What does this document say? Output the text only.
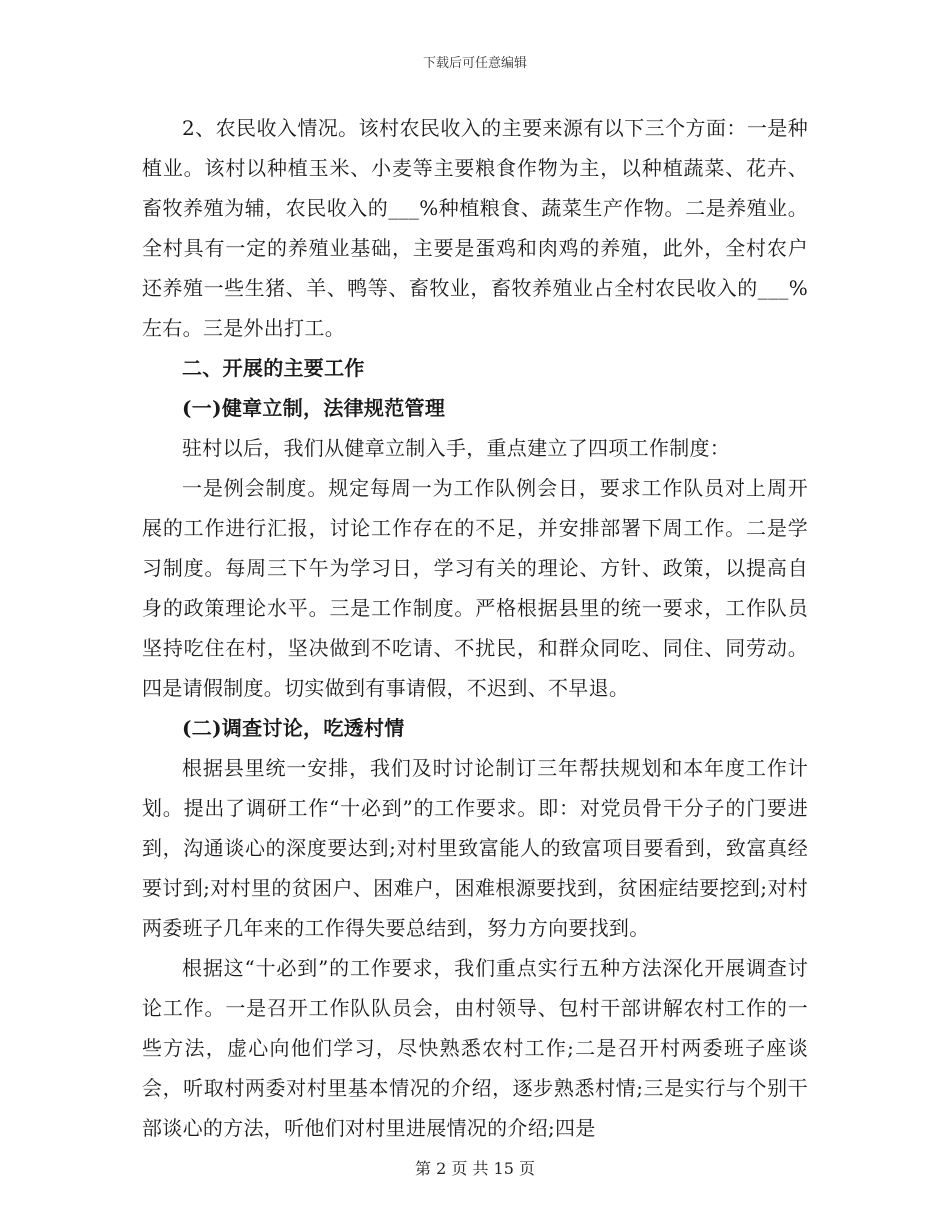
下载后可任意编辑

2、农民收入情况。该村农民收入的主要来源有以下三个方面：一是种植业。该村以种植玉米、小麦等主要粮食作物为主，以种植蔬菜、花卉、畜牧养殖为辅，农民收入的___%种植粮食、蔬菜生产作物。二是养殖业。全村具有一定的养殖业基础，主要是蛋鸡和肉鸡的养殖，此外，全村农户还养殖一些生猪、羊、鸭等、畜牧业，畜牧养殖业占全村农民收入的___%左右。三是外出打工。

二、开展的主要工作

(一)健章立制，法律规范管理

驻村以后，我们从健章立制入手，重点建立了四项工作制度：

一是例会制度。规定每周一为工作队例会日，要求工作队员对上周开展的工作进行汇报，讨论工作存在的不足，并安排部署下周工作。二是学习制度。每周三下午为学习日，学习有关的理论、方针、政策，以提高自身的政策理论水平。三是工作制度。严格根据县里的统一要求，工作队员坚持吃住在村，坚决做到不吃请、不扰民，和群众同吃、同住、同劳动。四是请假制度。切实做到有事请假，不迟到、不早退。

(二)调查讨论，吃透村情

根据县里统一安排，我们及时讨论制订三年帮扶规划和本年度工作计划。提出了调研工作“十必到”的工作要求。即：对党员骨干分子的门要进到，沟通谈心的深度要达到;对村里致富能人的致富项目要看到，致富真经要讨到;对村里的贫困户、困难户，困难根源要找到，贫困症结要挖到;对村两委班子几年来的工作得失要总结到，努力方向要找到。

根据这“十必到”的工作要求，我们重点实行五种方法深化开展调查讨论工作。一是召开工作队队员会，由村领导、包村干部讲解农村工作的一些方法，虚心向他们学习，尽快熟悉农村工作;二是召开村两委班子座谈会，听取村两委对村里基本情况的介绍，逐步熟悉村情;三是实行与个别干部谈心的方法，听他们对村里进展情况的介绍;四是

第 2 页 共 15 页
